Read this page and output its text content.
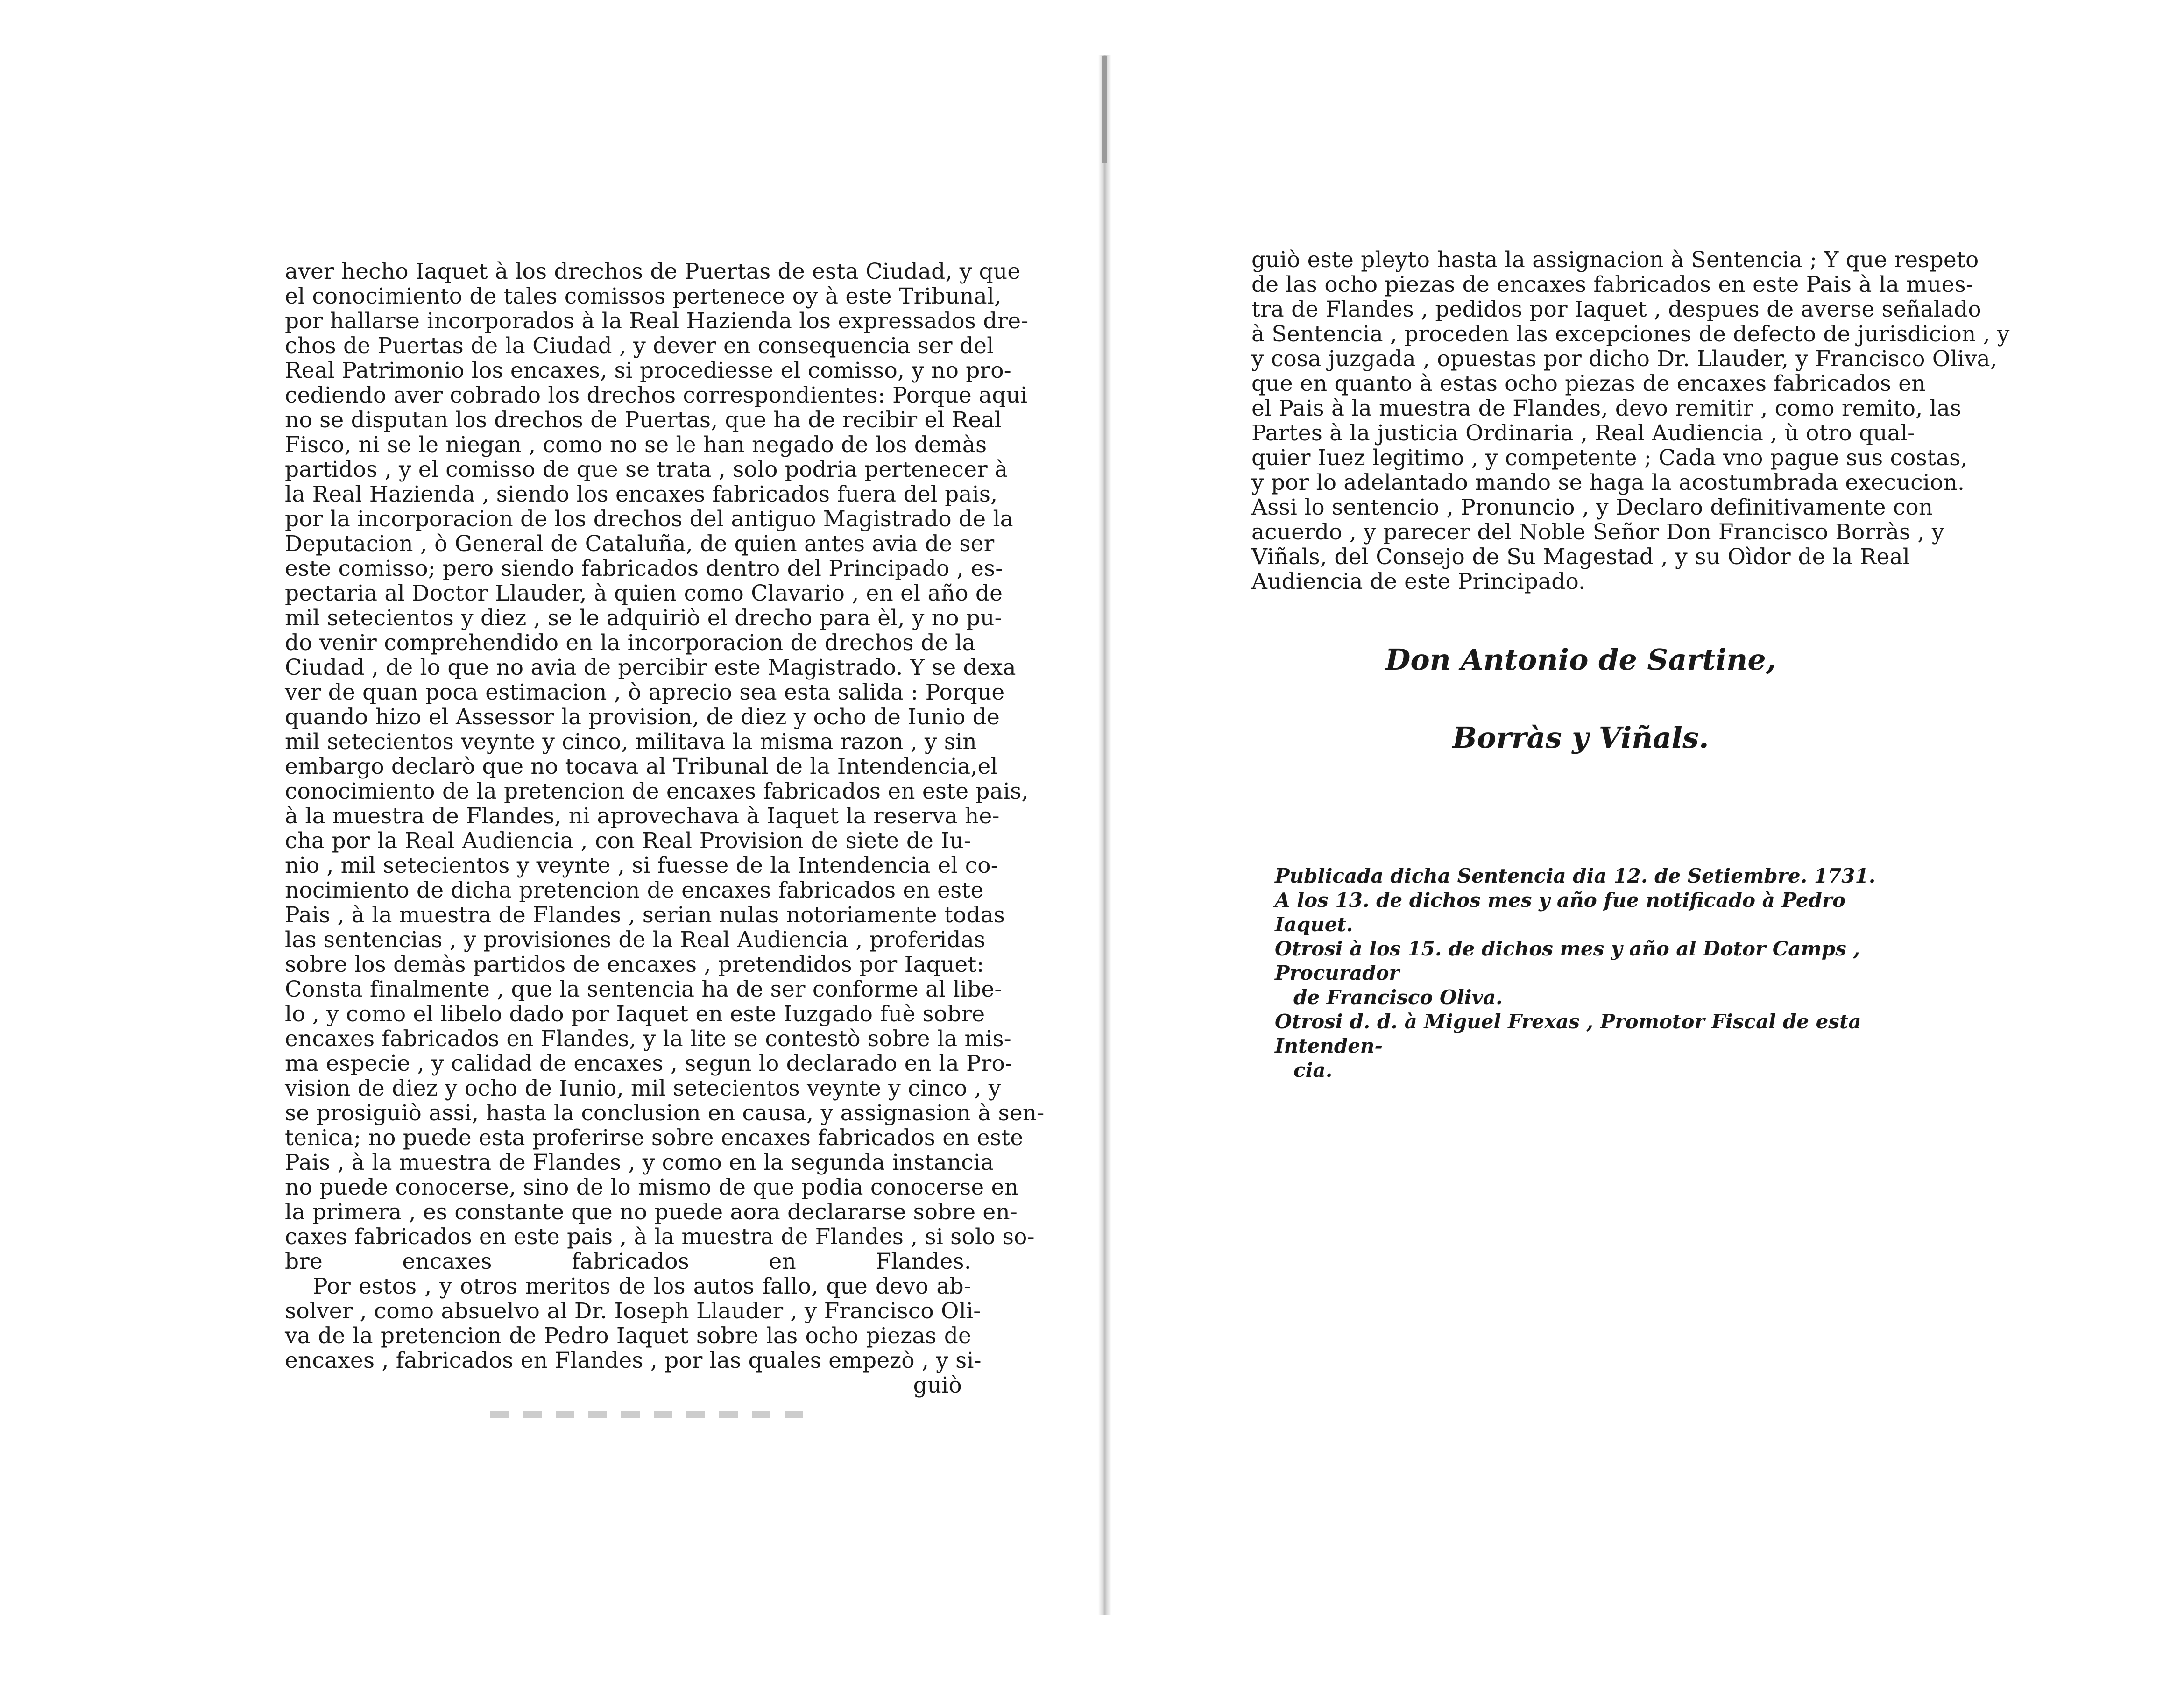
aver hecho Iaquet à los drechos de Puertas de esta Ciudad, y que
el conocimiento de tales comissos pertenece oy à este Tribunal,
por hallarse incorporados à la Real Hazienda los expressados dre-
chos de Puertas de la Ciudad , y dever en consequencia ser del
Real Patrimonio los encaxes, si procediesse el comisso, y no pro-
cediendo aver cobrado los drechos correspondientes: Porque aqui
no se disputan los drechos de Puertas, que ha de recibir el Real
Fisco, ni se le niegan , como no se le han negado de los demàs
partidos , y el comisso de que se trata , solo podria pertenecer à
la Real Hazienda , siendo los encaxes fabricados fuera del pais,
por la incorporacion de los drechos del antiguo Magistrado de la
Deputacion , ò General de Cataluña, de quien antes avia de ser
este comisso; pero siendo fabricados dentro del Principado , es-
pectaria al Doctor Llauder, à quien como Clavario , en el año de
mil setecientos y diez , se le adquiriò el drecho para èl, y no pu-
do venir comprehendido en la incorporacion de drechos de la
Ciudad , de lo que no avia de percibir este Magistrado. Y se dexa
ver de quan poca estimacion , ò aprecio sea esta salida : Porque
quando hizo el Assessor la provision, de diez y ocho de Iunio de
mil setecientos veynte y cinco, militava la misma razon , y sin
embargo declarò que no tocava al Tribunal de la Intendencia,el
conocimiento de la pretencion de encaxes fabricados en este pais,
à la muestra de Flandes, ni aprovechava à Iaquet la reserva he-
cha por la Real Audiencia , con Real Provision de siete de Iu-
nio , mil setecientos y veynte , si fuesse de la Intendencia el co-
nocimiento de dicha pretencion de encaxes fabricados en este
Pais , à la muestra de Flandes , serian nulas notoriamente todas
las sentencias , y provisiones de la Real Audiencia , proferidas
sobre los demàs partidos de encaxes , pretendidos por Iaquet:
Consta finalmente , que la sentencia ha de ser conforme al libe-
lo , y como el libelo dado por Iaquet en este Iuzgado fuè sobre
encaxes fabricados en Flandes, y la lite se contestò sobre la mis-
ma especie , y calidad de encaxes , segun lo declarado en la Pro-
vision de diez y ocho de Iunio, mil setecientos veynte y cinco , y
se prosiguiò assi, hasta la conclusion en causa, y assignasion à sen-
tenica; no puede esta proferirse sobre encaxes fabricados en este
Pais , à la muestra de Flandes , y como en la segunda instancia
no puede conocerse, sino de lo mismo de que podia conocerse en
la primera , es constante que no puede aora declararse sobre en-
caxes fabricados en este pais , à la muestra de Flandes , si solo so-
bre encaxes fabricados en Flandes.
Por estos , y otros meritos de los autos fallo, que devo ab-
solver , como absuelvo al Dr. Ioseph Llauder , y Francisco Oli-
va de la pretencion de Pedro Iaquet sobre las ocho piezas de
encaxes , fabricados en Flandes , por las quales empezò , y si-
guiò
guiò este pleyto hasta la assignacion à Sentencia ; Y que respeto
de las ocho piezas de encaxes fabricados en este Pais à la mues-
tra de Flandes , pedidos por Iaquet , despues de averse señalado
à Sentencia , proceden las excepciones de defecto de jurisdicion , y
y cosa juzgada , opuestas por dicho Dr. Llauder, y Francisco Oliva,
que en quanto à estas ocho piezas de encaxes fabricados en
el Pais à la muestra de Flandes, devo remitir , como remito, las
Partes à la justicia Ordinaria , Real Audiencia , ù otro qual-
quier Iuez legitimo , y competente ; Cada vno pague sus costas,
y por lo adelantado mando se haga la acostumbrada execucion.
Assi lo sentencio , Pronuncio , y Declaro definitivamente con
acuerdo , y parecer del Noble Señor Don Francisco Borràs , y
Viñals, del Consejo de Su Magestad , y su Oìdor de la Real
Audiencia de este Principado.
Don Antonio de Sartine,
Borràs y Viñals.
Publicada dicha Sentencia dia 12. de Setiembre. 1731.
A los 13. de dichos mes y año fue notificado à Pedro Iaquet.
Otrosi à los 15. de dichos mes y año al Dotor Camps , Procurador
de Francisco Oliva.
Otrosi d. d. à Miguel Frexas , Promotor Fiscal de esta Intenden-
cia.
